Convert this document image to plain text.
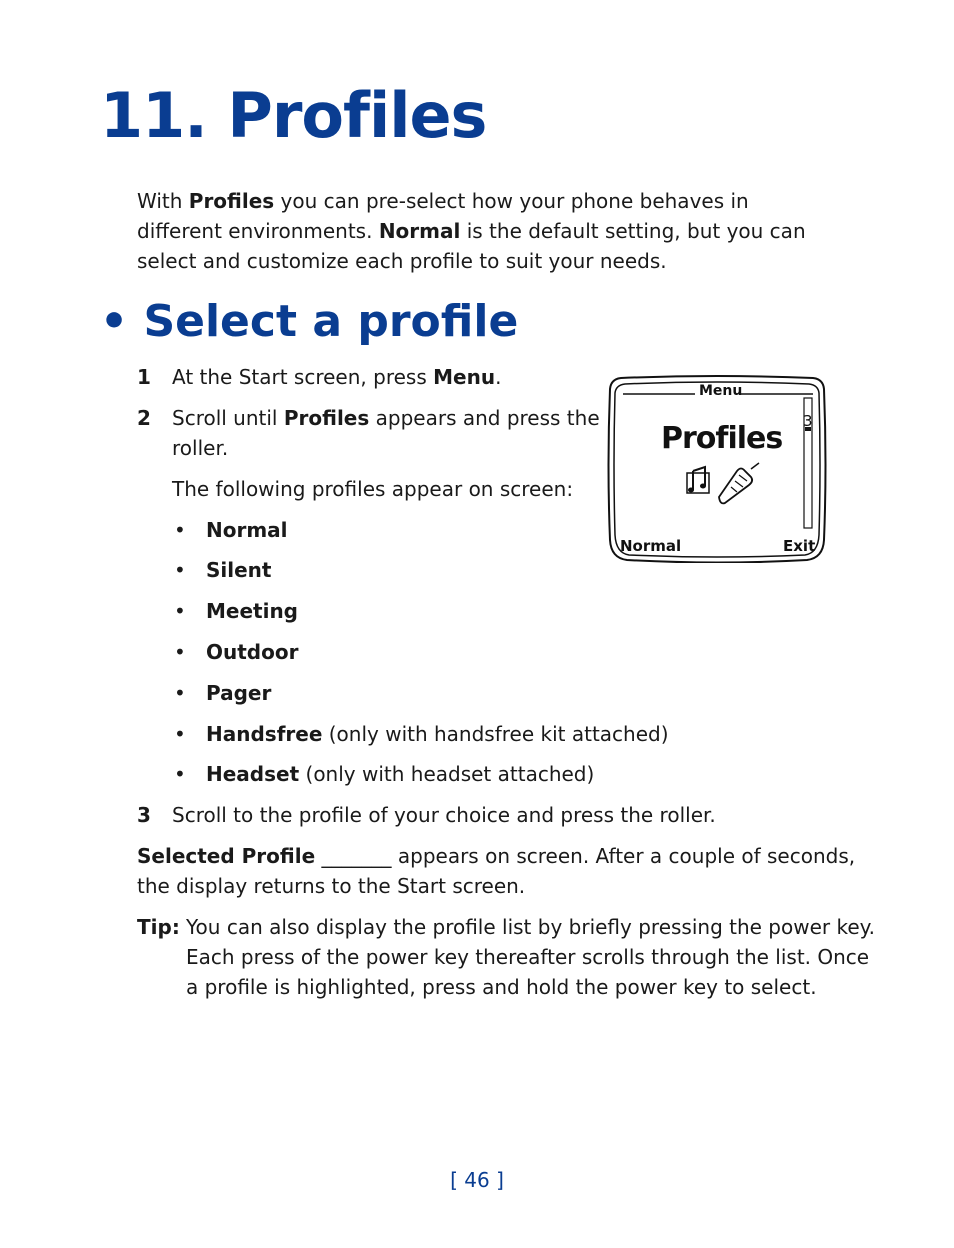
11. Profiles
With Profiles you can pre-select how your phone behaves in different environments. Normal is the default setting, but you can select and customize each profile to suit your needs.
• Select a profile
1 At the Start screen, press Menu.
2 Scroll until Profiles appears and press the
roller.
The following profiles appear on screen:
• Normal
• Silent
• Meeting
• Outdoor
• Pager
• Handsfree (only with handsfree kit attached)
• Headset (only with headset attached)
3 Scroll to the profile of your choice and press the roller.
Selected Profile _______ appears on screen. After a couple of seconds,
the display returns to the Start screen.
Tip: You can also display the profile list by briefly pressing the power key.
Each press of the power key thereafter scrolls through the list. Once
a profile is highlighted, press and hold the power key to select.
Menu
3
Profiles
Normal	Exit
[ 46 ]
